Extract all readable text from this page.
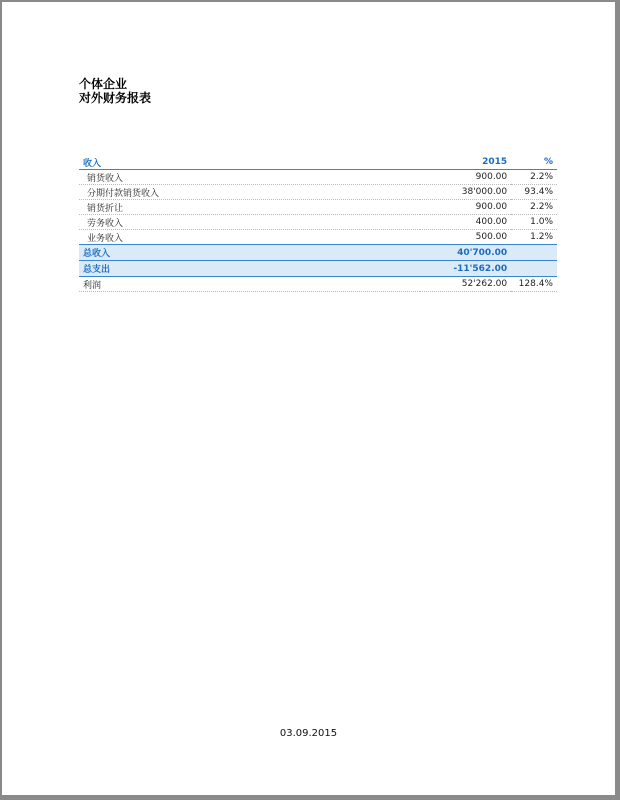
个体企业
对外财务报表
收入	2015	%
销货收入	900.00	2.2%
分期付款销货收入	38'000.00	93.4%
销货折让	900.00	2.2%
劳务收入	400.00	1.0%
业务收入	500.00	1.2%
总收入	40'700.00	
总支出	-11'562.00	
利润	52'262.00	128.4%
03.09.2015
